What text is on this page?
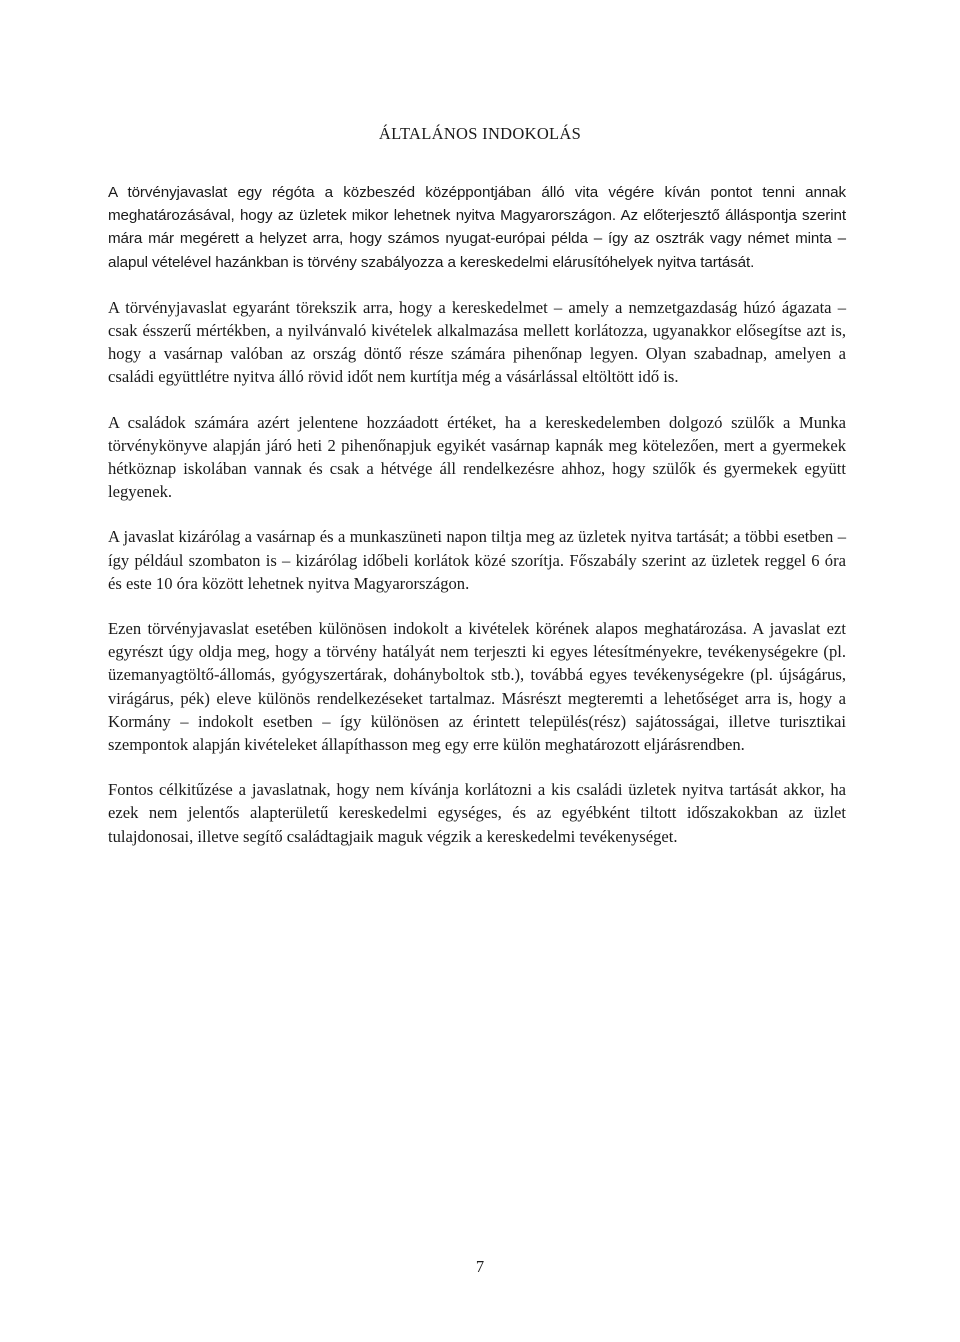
ÁLTALÁNOS INDOKOLÁS

A törvényjavaslat egy régóta a közbeszéd középpontjában álló vita végére kíván pontot tenni annak meghatározásával, hogy az üzletek mikor lehetnek nyitva Magyarországon. Az előterjesztő álláspontja szerint mára már megérett a helyzet arra, hogy számos nyugat-európai példa – így az osztrák vagy német minta – alapul vételével hazánkban is törvény szabályozza a kereskedelmi elárusítóhelyek nyitva tartását.

A törvényjavaslat egyaránt törekszik arra, hogy a kereskedelmet – amely a nemzetgazdaság húzó ágazata – csak ésszerű mértékben, a nyilvánvaló kivételek alkalmazása mellett korlátozza, ugyanakkor elősegítse azt is, hogy a vasárnap valóban az ország döntő része számára pihenőnap legyen. Olyan szabadnap, amelyen a családi együttlétre nyitva álló rövid időt nem kurtítja még a vásárlással eltöltött idő is.

A családok számára azért jelentene hozzáadott értéket, ha a kereskedelemben dolgozó szülők a Munka törvénykönyve alapján járó heti 2 pihenőnapjuk egyikét vasárnap kapnák meg kötelezően, mert a gyermekek hétköznap iskolában vannak és csak a hétvége áll rendelkezésre ahhoz, hogy szülők és gyermekek együtt legyenek.

A javaslat kizárólag a vasárnap és a munkaszüneti napon tiltja meg az üzletek nyitva tartását; a többi esetben – így például szombaton is – kizárólag időbeli korlátok közé szorítja. Főszabály szerint az üzletek reggel 6 óra és este 10 óra között lehetnek nyitva Magyarországon.

Ezen törvényjavaslat esetében különösen indokolt a kivételek körének alapos meghatározása. A javaslat ezt egyrészt úgy oldja meg, hogy a törvény hatályát nem terjeszti ki egyes létesítményekre, tevékenységekre (pl. üzemanyagtöltő-állomás, gyógyszertárak, dohányboltok stb.), továbbá egyes tevékenységekre (pl. újságárus, virágárus, pék) eleve különös rendelkezéseket tartalmaz. Másrészt megteremti a lehetőséget arra is, hogy a Kormány – indokolt esetben – így különösen az érintett település(rész) sajátosságai, illetve turisztikai szempontok alapján kivételeket állapíthasson meg egy erre külön meghatározott eljárásrendben.

Fontos célkitűzése a javaslatnak, hogy nem kívánja korlátozni a kis családi üzletek nyitva tartását akkor, ha ezek nem jelentős alapterületű kereskedelmi egységes, és az egyébként tiltott időszakokban az üzlet tulajdonosai, illetve segítő családtagjaik maguk végzik a kereskedelmi tevékenységet.

7
